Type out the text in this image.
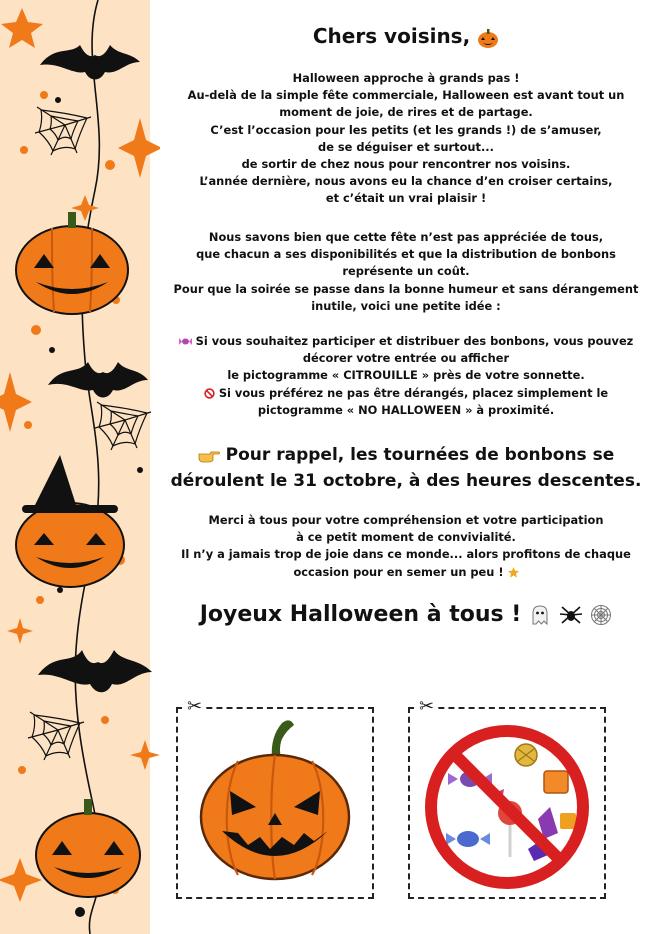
Chers voisins,

Halloween approche à grands pas !

Au-delà de la simple fête commerciale, Halloween est avant tout un

moment de joie, de rires et de partage.

C’est l’occasion pour les petits (et les grands !) de s’amuser,

de se déguiser et surtout...

de sortir de chez nous pour rencontrer nos voisins.

L’année dernière, nous avons eu la chance d’en croiser certains,

et c’était un vrai plaisir !

Nous savons bien que cette fête n’est pas appréciée de tous,

que chacun a ses disponibilités et que la distribution de bonbons

représente un coût.

Pour que la soirée se passe dans la bonne humeur et sans dérangement

inutile, voici une petite idée :

Si vous souhaitez participer et distribuer des bonbons, vous pouvez

décorer votre entrée ou afficher

le pictogramme « CITROUILLE » près de votre sonnette.

Si vous préférez ne pas être dérangés, placez simplement le

pictogramme « NO HALLOWEEN » à proximité.

Pour rappel, les tournées de bonbons se

déroulent le 31 octobre, à des heures descentes.

Merci à tous pour votre compréhension et votre participation

à ce petit moment de convivialité.

Il n’y a jamais trop de joie dans ce monde... alors profitons de chaque

occasion pour en semer un peu !

Joyeux Halloween à tous !
✂	✂
